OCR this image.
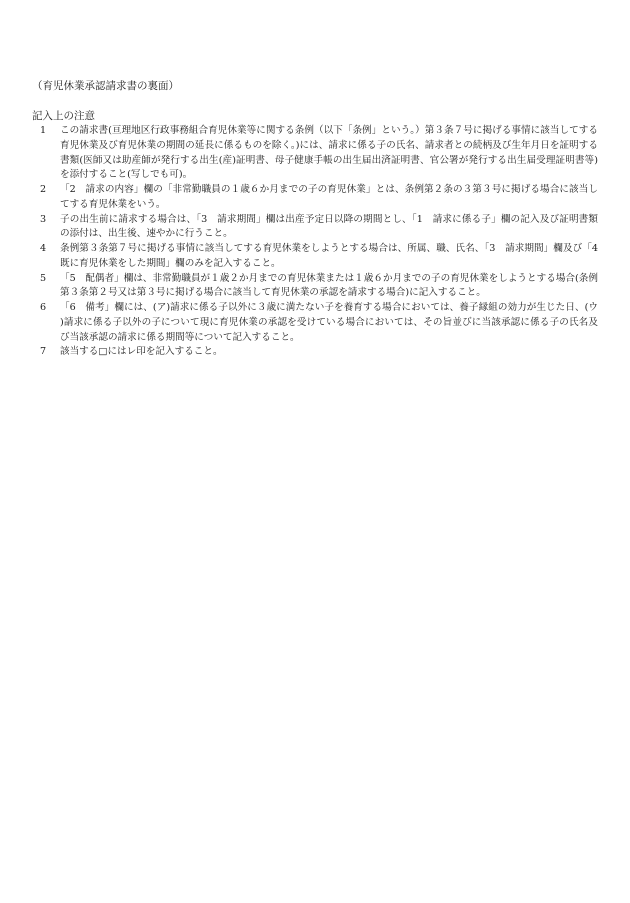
（育児休業承認請求書の裏面）
記入上の注意
1	この請求書(亘理地区行政事務組合育児休業等に関する条例（以下「条例」という。）第３条７号に掲げる事情に該当してする育児休業及び育児休業の期間の延長に係るものを除く。)には、請求に係る子の氏名、請求者との続柄及び生年月日を証明する書類(医師又は助産師が発行する出生(産)証明書、母子健康手帳の出生届出済証明書、官公署が発行する出生届受理証明書等)を添付すること(写しでも可)。
2	「2　請求の内容」欄の「非常勤職員の１歳６か月までの子の育児休業」とは、条例第２条の３第３号に掲げる場合に該当してする育児休業をいう。
3	子の出生前に請求する場合は、「3　請求期間」欄は出産予定日以降の期間とし、「1　請求に係る子」欄の記入及び証明書類の添付は、出生後、速やかに行うこと。
4	条例第３条第７号に掲げる事情に該当してする育児休業をしようとする場合は、所属、職、氏名、「3　請求期間」欄及び「4　既に育児休業をした期間」欄のみを記入すること。
5	「5　配偶者」欄は、非常勤職員が１歳２か月までの育児休業または１歳６か月までの子の育児休業をしようとする場合(条例第３条第２号又は第３号に掲げる場合に該当して育児休業の承認を請求する場合)に記入すること。
6	「6　備考」欄には、(ア)請求に係る子以外に３歳に満たない子を養育する場合においては、養子縁組の効力が生じた日、(ウ)請求に係る子以外の子について現に育児休業の承認を受けている場合においては、その旨並びに当該承認に係る子の氏名及び当該承認の請求に係る期間等について記入すること。
7	該当する□にはレ印を記入すること。
